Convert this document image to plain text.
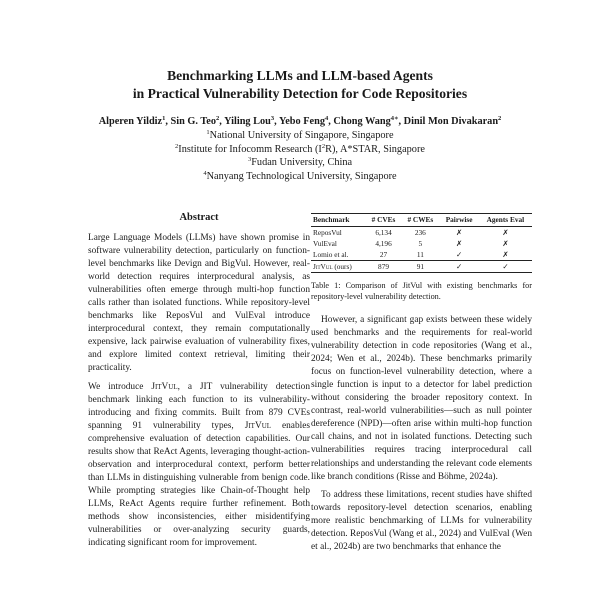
Benchmarking LLMs and LLM-based Agents
in Practical Vulnerability Detection for Code Repositories
Alperen Yildiz$^1$, Sin G. Teo$^2$, Yiling Lou$^3$, Yebo Feng$^4$, Chong Wang$^{4∗}$, Dinil Mon Divakaran$^2$
$^1$National University of Singapore, Singapore
$^2$Institute for Infocomm Research $(I^2R)$, A*STAR, Singapore
$^3$Fudan University, China
$^4$Nanyang Technological University, Singapore
Abstract

Large Language Models (LLMs) have shown promise in software vulnerability detection, particularly on function-level benchmarks like Devign and BigVul. However, real-world detection requires interprocedural analysis, as vulnerabilities often emerge through multi-hop function calls rather than isolated functions. While repository-level benchmarks like ReposVul and VulEval introduce interprocedural context, they remain computationally expensive, lack pairwise evaluation of vulnerability fixes, and explore limited context retrieval, limiting their practicality.

We introduce JitVul, a JIT vulnerability detection benchmark linking each function to its vulnerability-introducing and fixing commits. Built from 879 CVEs spanning 91 vulnerability types, JitVul enables comprehensive evaluation of detection capabilities. Our results show that ReAct Agents, leveraging thought-action-observation and interprocedural context, perform better than LLMs in distinguishing vulnerable from benign code. While prompting strategies like Chain-of-Thought help LLMs, ReAct Agents require further refinement. Both methods show inconsistencies, either misidentifying vulnerabilities or over-analyzing security guards, indicating significant room for improvement.

Benchmark	# CVEs	# CWEs	Pairwise	Agents Eval
ReposVul	6,134	236	✗	✗
VulEval	4,196	5	✗	✗
Lomio et al.	27	11	✓	✗
JitVul (ours)	879	91	✓	✓
Table 1: Comparison of JitVul with existing benchmarks for repository-level vulnerability detection.

However, a significant gap exists between these widely used benchmarks and the requirements for real-world vulnerability detection in code repositories (Wang et al., 2024; Wen et al., 2024b). These benchmarks primarily focus on function-level vulnerability detection, where a single function is input to a detector for label prediction without considering the broader repository context. In contrast, real-world vulnerabilities—such as null pointer dereference (NPD)—often arise within multi-hop function call chains, and not in isolated functions. Detecting such vulnerabilities requires tracing interprocedural call relationships and understanding the relevant code elements like branch conditions (Risse and Böhme, 2024a).

To address these limitations, recent studies have shifted towards repository-level detection scenarios, enabling more realistic benchmarking of LLMs for vulnerability detection. ReposVul (Wang et al., 2024) and VulEval (Wen et al., 2024b) are two benchmarks that enhance the
